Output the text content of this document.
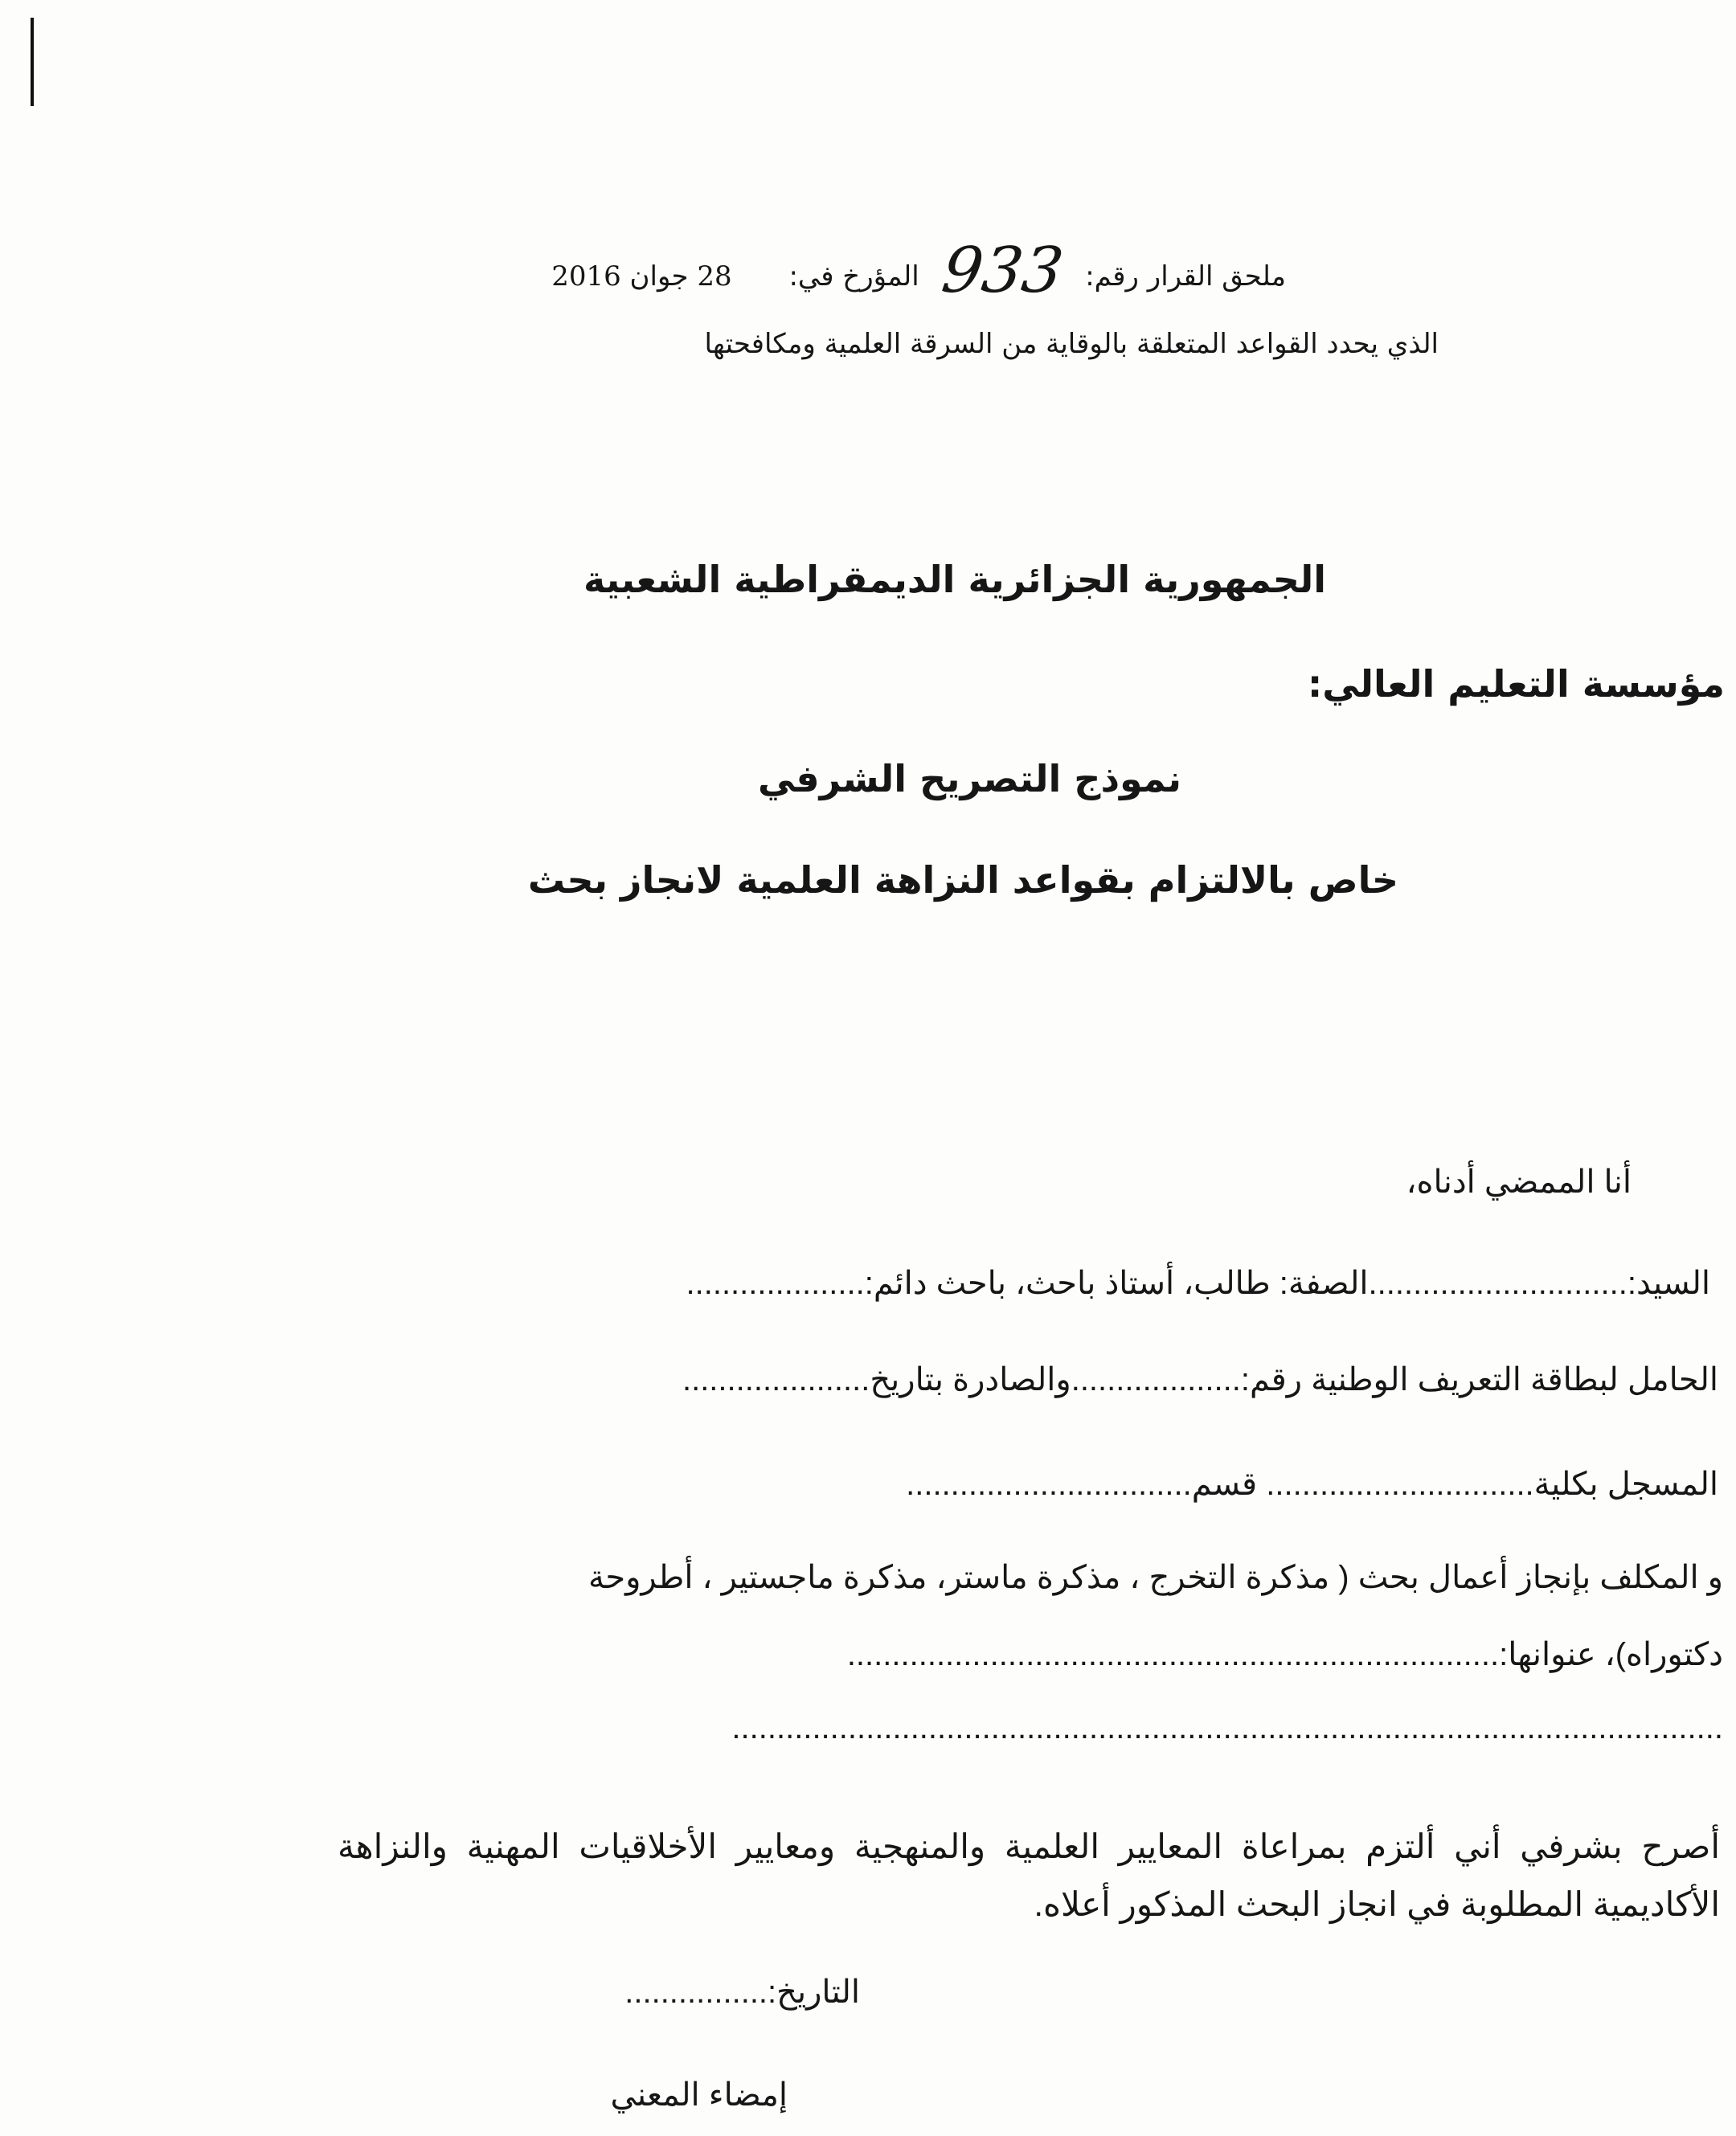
ملحق القرار رقم: 933 المؤرخ في: 28 جوان 2016
الذي يحدد القواعد المتعلقة بالوقاية من السرقة العلمية ومكافحتها
الجمهورية الجزائرية الديمقراطية الشعبية
مؤسسة التعليم العالي:
نموذج التصريح الشرفي
خاص بالالتزام بقواعد النزاهة العلمية لانجاز بحث
أنا الممضي أدناه،
السيد:.............................الصفة: طالب، أستاذ باحث، باحث دائم:....................
الحامل لبطاقة التعريف الوطنية رقم:...................والصادرة بتاريخ.....................
المسجل بكلية.............................. قسم................................
و المكلف بإنجاز أعمال بحث ( مذكرة التخرج ، مذكرة ماستر، مذكرة ماجستير ، أطروحة
دكتوراه)، عنوانها:.........................................................................
...............................................................................................................
أصرح بشرفي أني ألتزم بمراعاة المعايير العلمية والمنهجية ومعايير الأخلاقيات المهنية والنزاهة الأكاديمية المطلوبة في انجاز البحث المذكور أعلاه.
التاريخ:................
إمضاء المعني
